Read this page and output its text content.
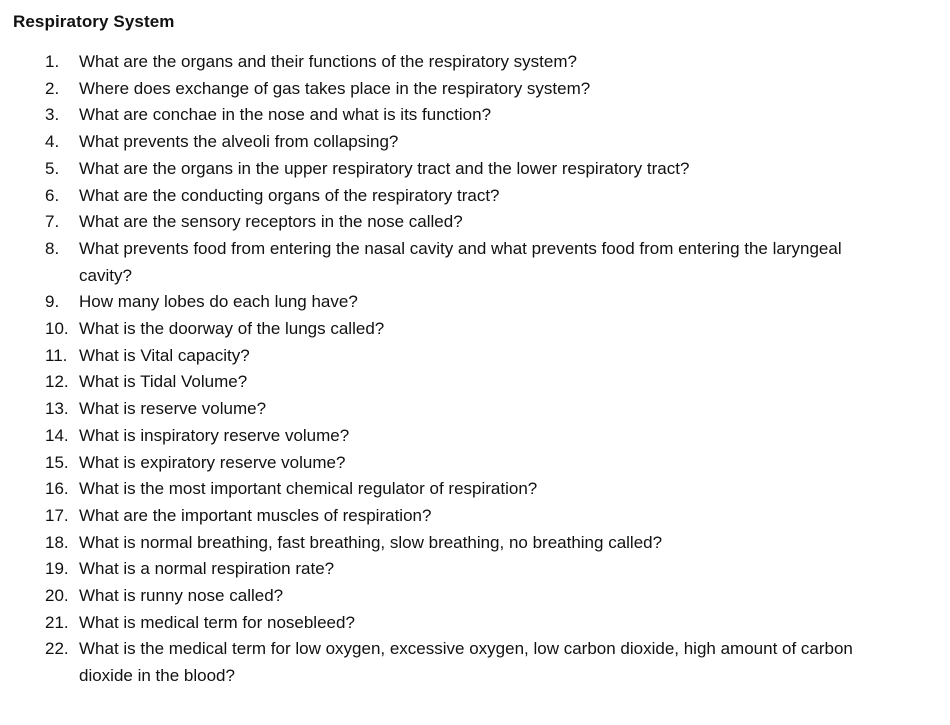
Respiratory System
1. What are the organs and their functions of the respiratory system?
2. Where does exchange of gas takes place in the respiratory system?
3. What are conchae in the nose and what is its function?
4. What prevents the alveoli from collapsing?
5. What are the organs in the upper respiratory tract and the lower respiratory tract?
6. What are the conducting organs of the respiratory tract?
7. What are the sensory receptors in the nose called?
8. What prevents food from entering the nasal cavity and what prevents food from entering the laryngeal cavity?
9. How many lobes do each lung have?
10. What is the doorway of the lungs called?
11. What is Vital capacity?
12. What is Tidal Volume?
13. What is reserve volume?
14. What is inspiratory reserve volume?
15. What is expiratory reserve volume?
16. What is the most important chemical regulator of respiration?
17. What are the important muscles of respiration?
18. What is normal breathing, fast breathing, slow breathing, no breathing called?
19. What is a normal respiration rate?
20. What is runny nose called?
21. What is medical term for nosebleed?
22. What is the medical term for low oxygen, excessive oxygen, low carbon dioxide, high amount of carbon dioxide in the blood?
